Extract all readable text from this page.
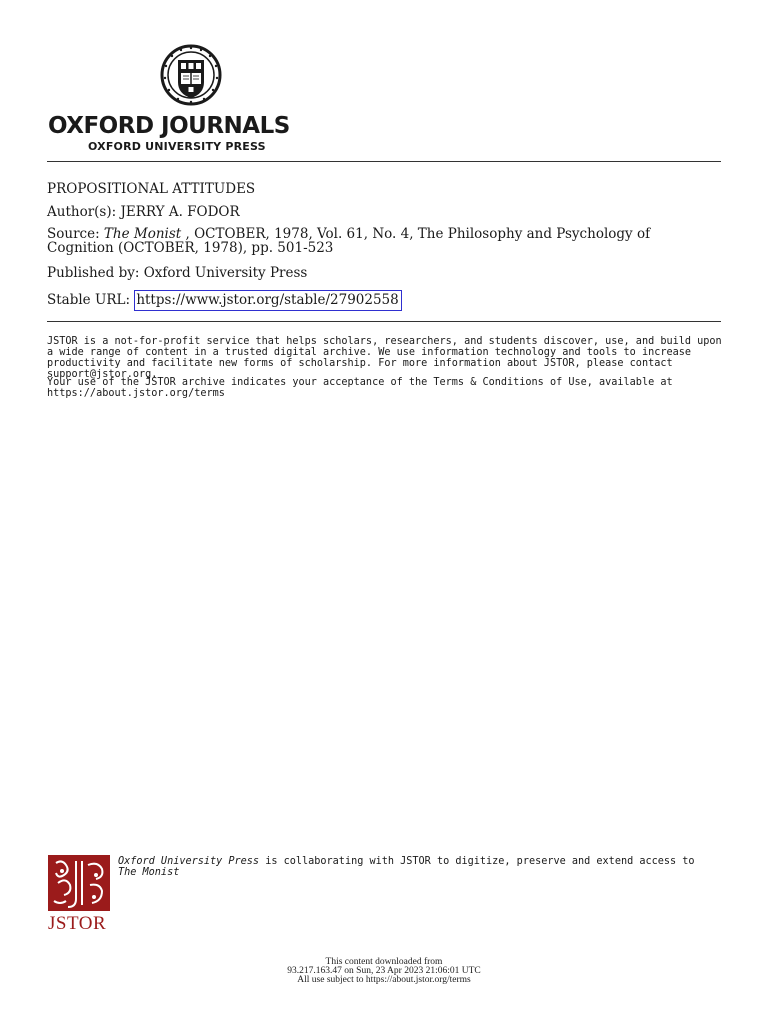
OXFORD JOURNALS
OXFORD UNIVERSITY PRESS
PROPOSITIONAL ATTITUDES
Author(s): JERRY A. FODOR
Source: The Monist , OCTOBER, 1978, Vol. 61, No. 4, The Philosophy and Psychology of Cognition (OCTOBER, 1978), pp. 501-523
Published by: Oxford University Press
Stable URL: https://www.jstor.org/stable/27902558
JSTOR is a not-for-profit service that helps scholars, researchers, and students discover, use, and build upon a wide range of content in a trusted digital archive. We use information technology and tools to increase productivity and facilitate new forms of scholarship. For more information about JSTOR, please contact support@jstor.org.
Your use of the JSTOR archive indicates your acceptance of the Terms & Conditions of Use, available at https://about.jstor.org/terms
JSTOR
Oxford University Press is collaborating with JSTOR to digitize, preserve and extend access to
The Monist
This content downloaded from
93.217.163.47 on Sun, 23 Apr 2023 21:06:01 UTC
All use subject to https://about.jstor.org/terms
